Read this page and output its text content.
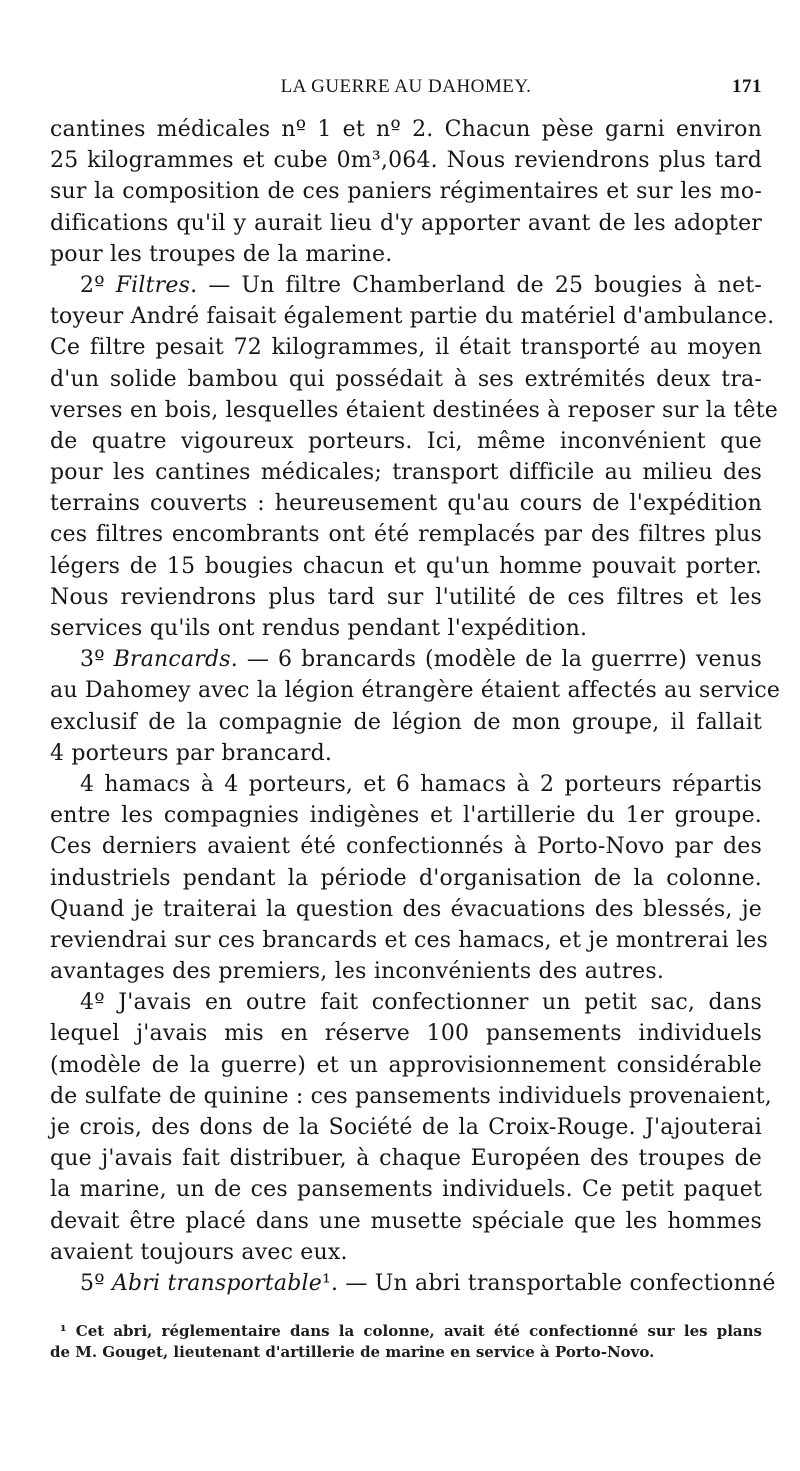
LA GUERRE AU DAHOMEY.	171
cantines médicales nº 1 et nº 2. Chacun pèse garni environ
25 kilogrammes et cube 0m³,064. Nous reviendrons plus tard
sur la composition de ces paniers régimentaires et sur les mo-
difications qu'il y aurait lieu d'y apporter avant de les adopter
pour les troupes de la marine.
2º Filtres. — Un filtre Chamberland de 25 bougies à net-
toyeur André faisait également partie du matériel d'ambulance.
Ce filtre pesait 72 kilogrammes, il était transporté au moyen
d'un solide bambou qui possédait à ses extrémités deux tra-
verses en bois, lesquelles étaient destinées à reposer sur la tête
de quatre vigoureux porteurs. Ici, même inconvénient que
pour les cantines médicales; transport difficile au milieu des
terrains couverts : heureusement qu'au cours de l'expédition
ces filtres encombrants ont été remplacés par des filtres plus
légers de 15 bougies chacun et qu'un homme pouvait porter.
Nous reviendrons plus tard sur l'utilité de ces filtres et les
services qu'ils ont rendus pendant l'expédition.
3º Brancards. — 6 brancards (modèle de la guerrre) venus
au Dahomey avec la légion étrangère étaient affectés au service
exclusif de la compagnie de légion de mon groupe, il fallait
4 porteurs par brancard.
4 hamacs à 4 porteurs, et 6 hamacs à 2 porteurs répartis
entre les compagnies indigènes et l'artillerie du 1er groupe.
Ces derniers avaient été confectionnés à Porto-Novo par des
industriels pendant la période d'organisation de la colonne.
Quand je traiterai la question des évacuations des blessés, je
reviendrai sur ces brancards et ces hamacs, et je montrerai les
avantages des premiers, les inconvénients des autres.
4º J'avais en outre fait confectionner un petit sac, dans
lequel j'avais mis en réserve 100 pansements individuels
(modèle de la guerre) et un approvisionnement considérable
de sulfate de quinine : ces pansements individuels provenaient,
je crois, des dons de la Société de la Croix-Rouge. J'ajouterai
que j'avais fait distribuer, à chaque Européen des troupes de
la marine, un de ces pansements individuels. Ce petit paquet
devait être placé dans une musette spéciale que les hommes
avaient toujours avec eux.
5º Abri transportable¹. — Un abri transportable confectionné
¹ Cet abri, réglementaire dans la colonne, avait été confectionné sur les plans
de M. Gouget, lieutenant d'artillerie de marine en service à Porto-Novo.
